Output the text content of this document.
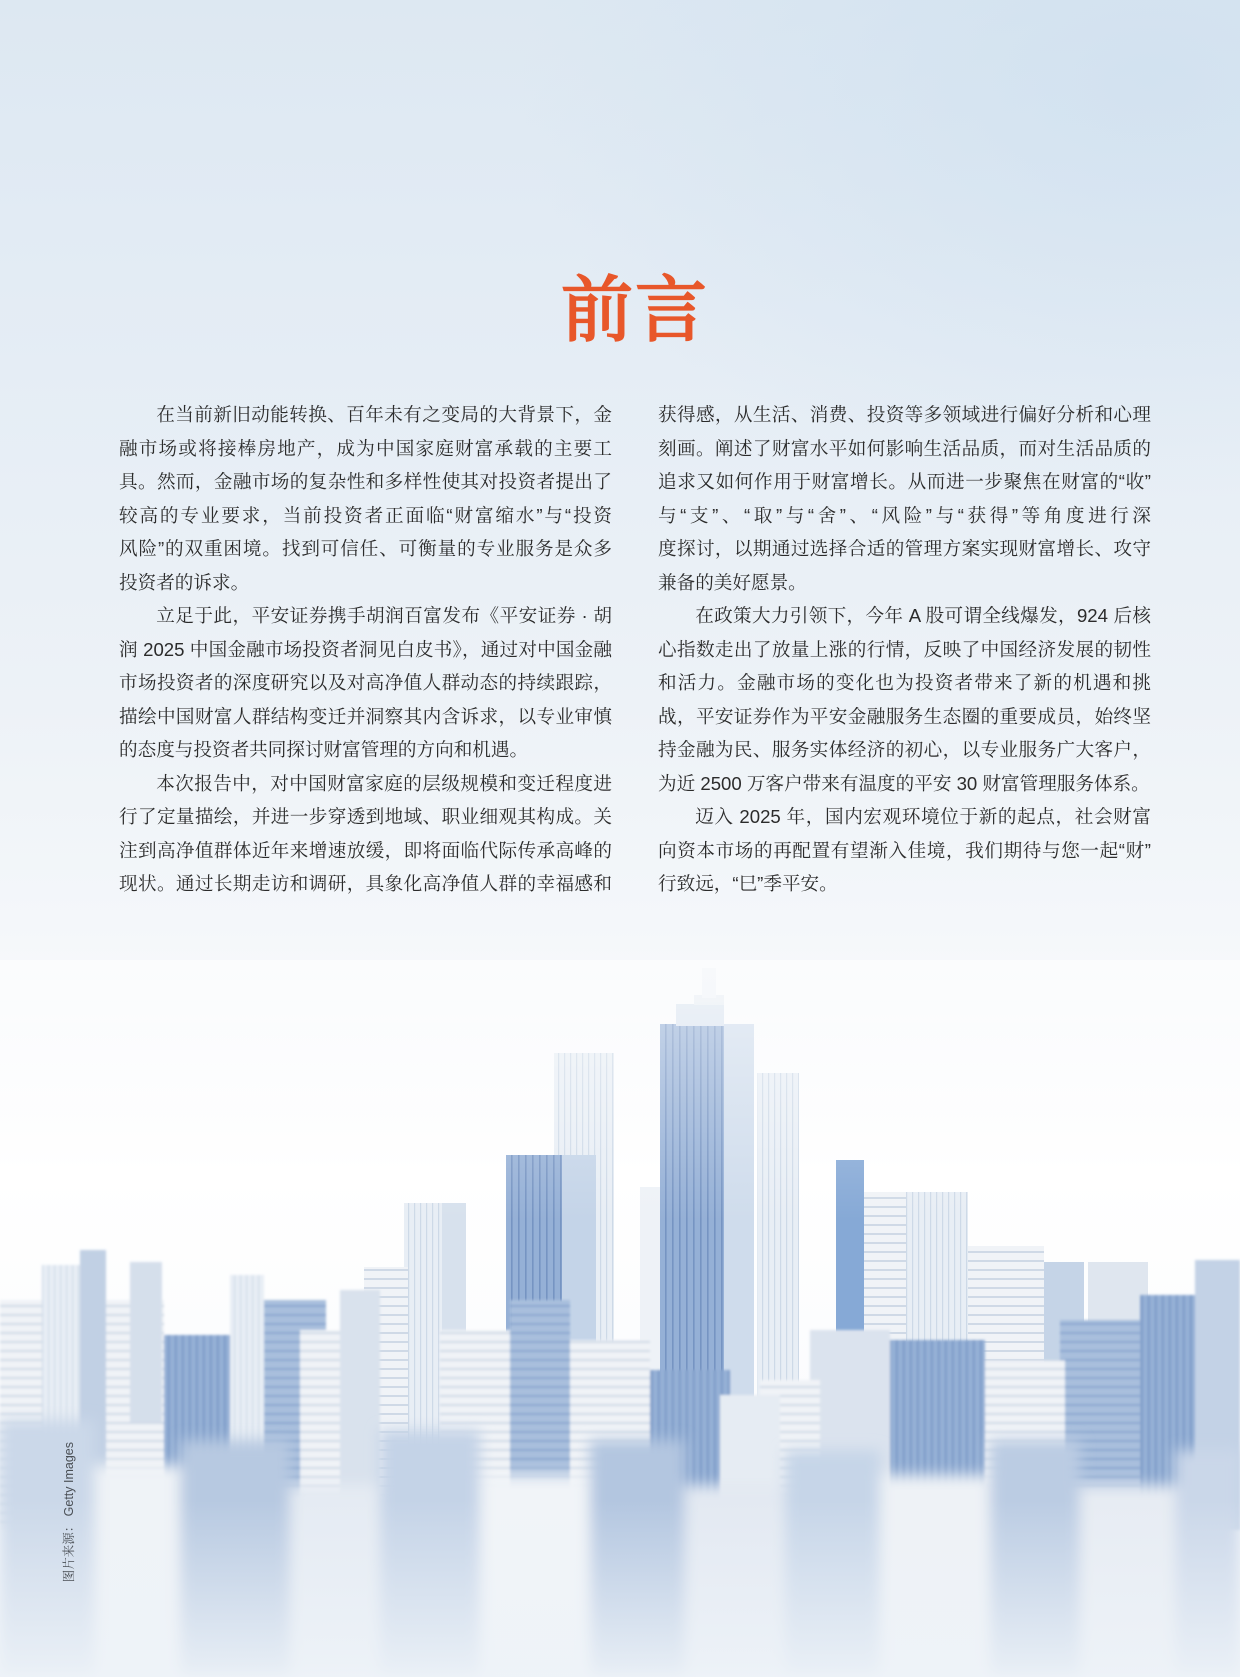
前言
在当前新旧动能转换、百年未有之变局的大背景下，金
融市场或将接棒房地产，成为中国家庭财富承载的主要工
具。然而，金融市场的复杂性和多样性使其对投资者提出了
较高的专业要求，当前投资者正面临“财富缩水”与“投资
风险”的双重困境。找到可信任、可衡量的专业服务是众多
投资者的诉求。
立足于此，平安证券携手胡润百富发布《平安证券 · 胡
润 2025 中国金融市场投资者洞见白皮书》，通过对中国金融
市场投资者的深度研究以及对高净值人群动态的持续跟踪，
描绘中国财富人群结构变迁并洞察其内含诉求，以专业审慎
的态度与投资者共同探讨财富管理的方向和机遇。
本次报告中，对中国财富家庭的层级规模和变迁程度进
行了定量描绘，并进一步穿透到地域、职业细观其构成。关
注到高净值群体近年来增速放缓，即将面临代际传承高峰的
现状。通过长期走访和调研，具象化高净值人群的幸福感和
获得感，从生活、消费、投资等多领域进行偏好分析和心理
刻画。阐述了财富水平如何影响生活品质，而对生活品质的
追求又如何作用于财富增长。从而进一步聚焦在财富的“收”
与“支”、“取”与“舍”、“风险”与“获得”等角度进行深
度探讨，以期通过选择合适的管理方案实现财富增长、攻守
兼备的美好愿景。
在政策大力引领下，今年 A 股可谓全线爆发，924 后核
心指数走出了放量上涨的行情，反映了中国经济发展的韧性
和活力。金融市场的变化也为投资者带来了新的机遇和挑
战，平安证券作为平安金融服务生态圈的重要成员，始终坚
持金融为民、服务实体经济的初心，以专业服务广大客户，
为近 2500 万客户带来有温度的平安 30 财富管理服务体系。
迈入 2025 年，国内宏观环境位于新的起点，社会财富
向资本市场的再配置有望渐入佳境，我们期待与您一起“财”
行致远，“巳”季平安。
图片来源： Getty Images
